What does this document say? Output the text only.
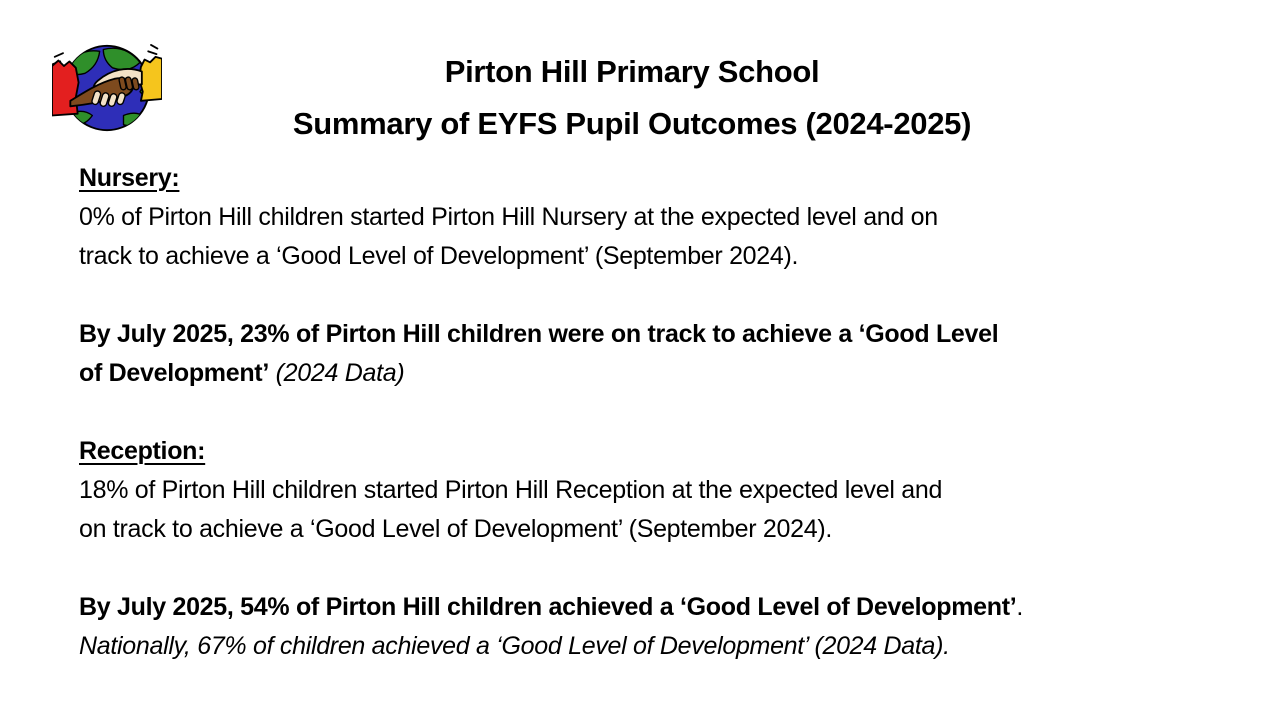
Pirton Hill Primary School
Summary of EYFS Pupil Outcomes (2024-2025)

Nursery:

0% of Pirton Hill children started Pirton Hill Nursery at the expected level and on
track to achieve a ‘Good Level of Development’ (September 2024).

By July 2025, 23% of Pirton Hill children were on track to achieve a ‘Good Level
of Development’ (2024 Data)

Reception:

18% of Pirton Hill children started Pirton Hill Reception at the expected level and
on track to achieve a ‘Good Level of Development’ (September 2024).

By July 2025, 54% of Pirton Hill children achieved a ‘Good Level of Development’.

Nationally, 67% of children achieved a ‘Good Level of Development’ (2024 Data).
